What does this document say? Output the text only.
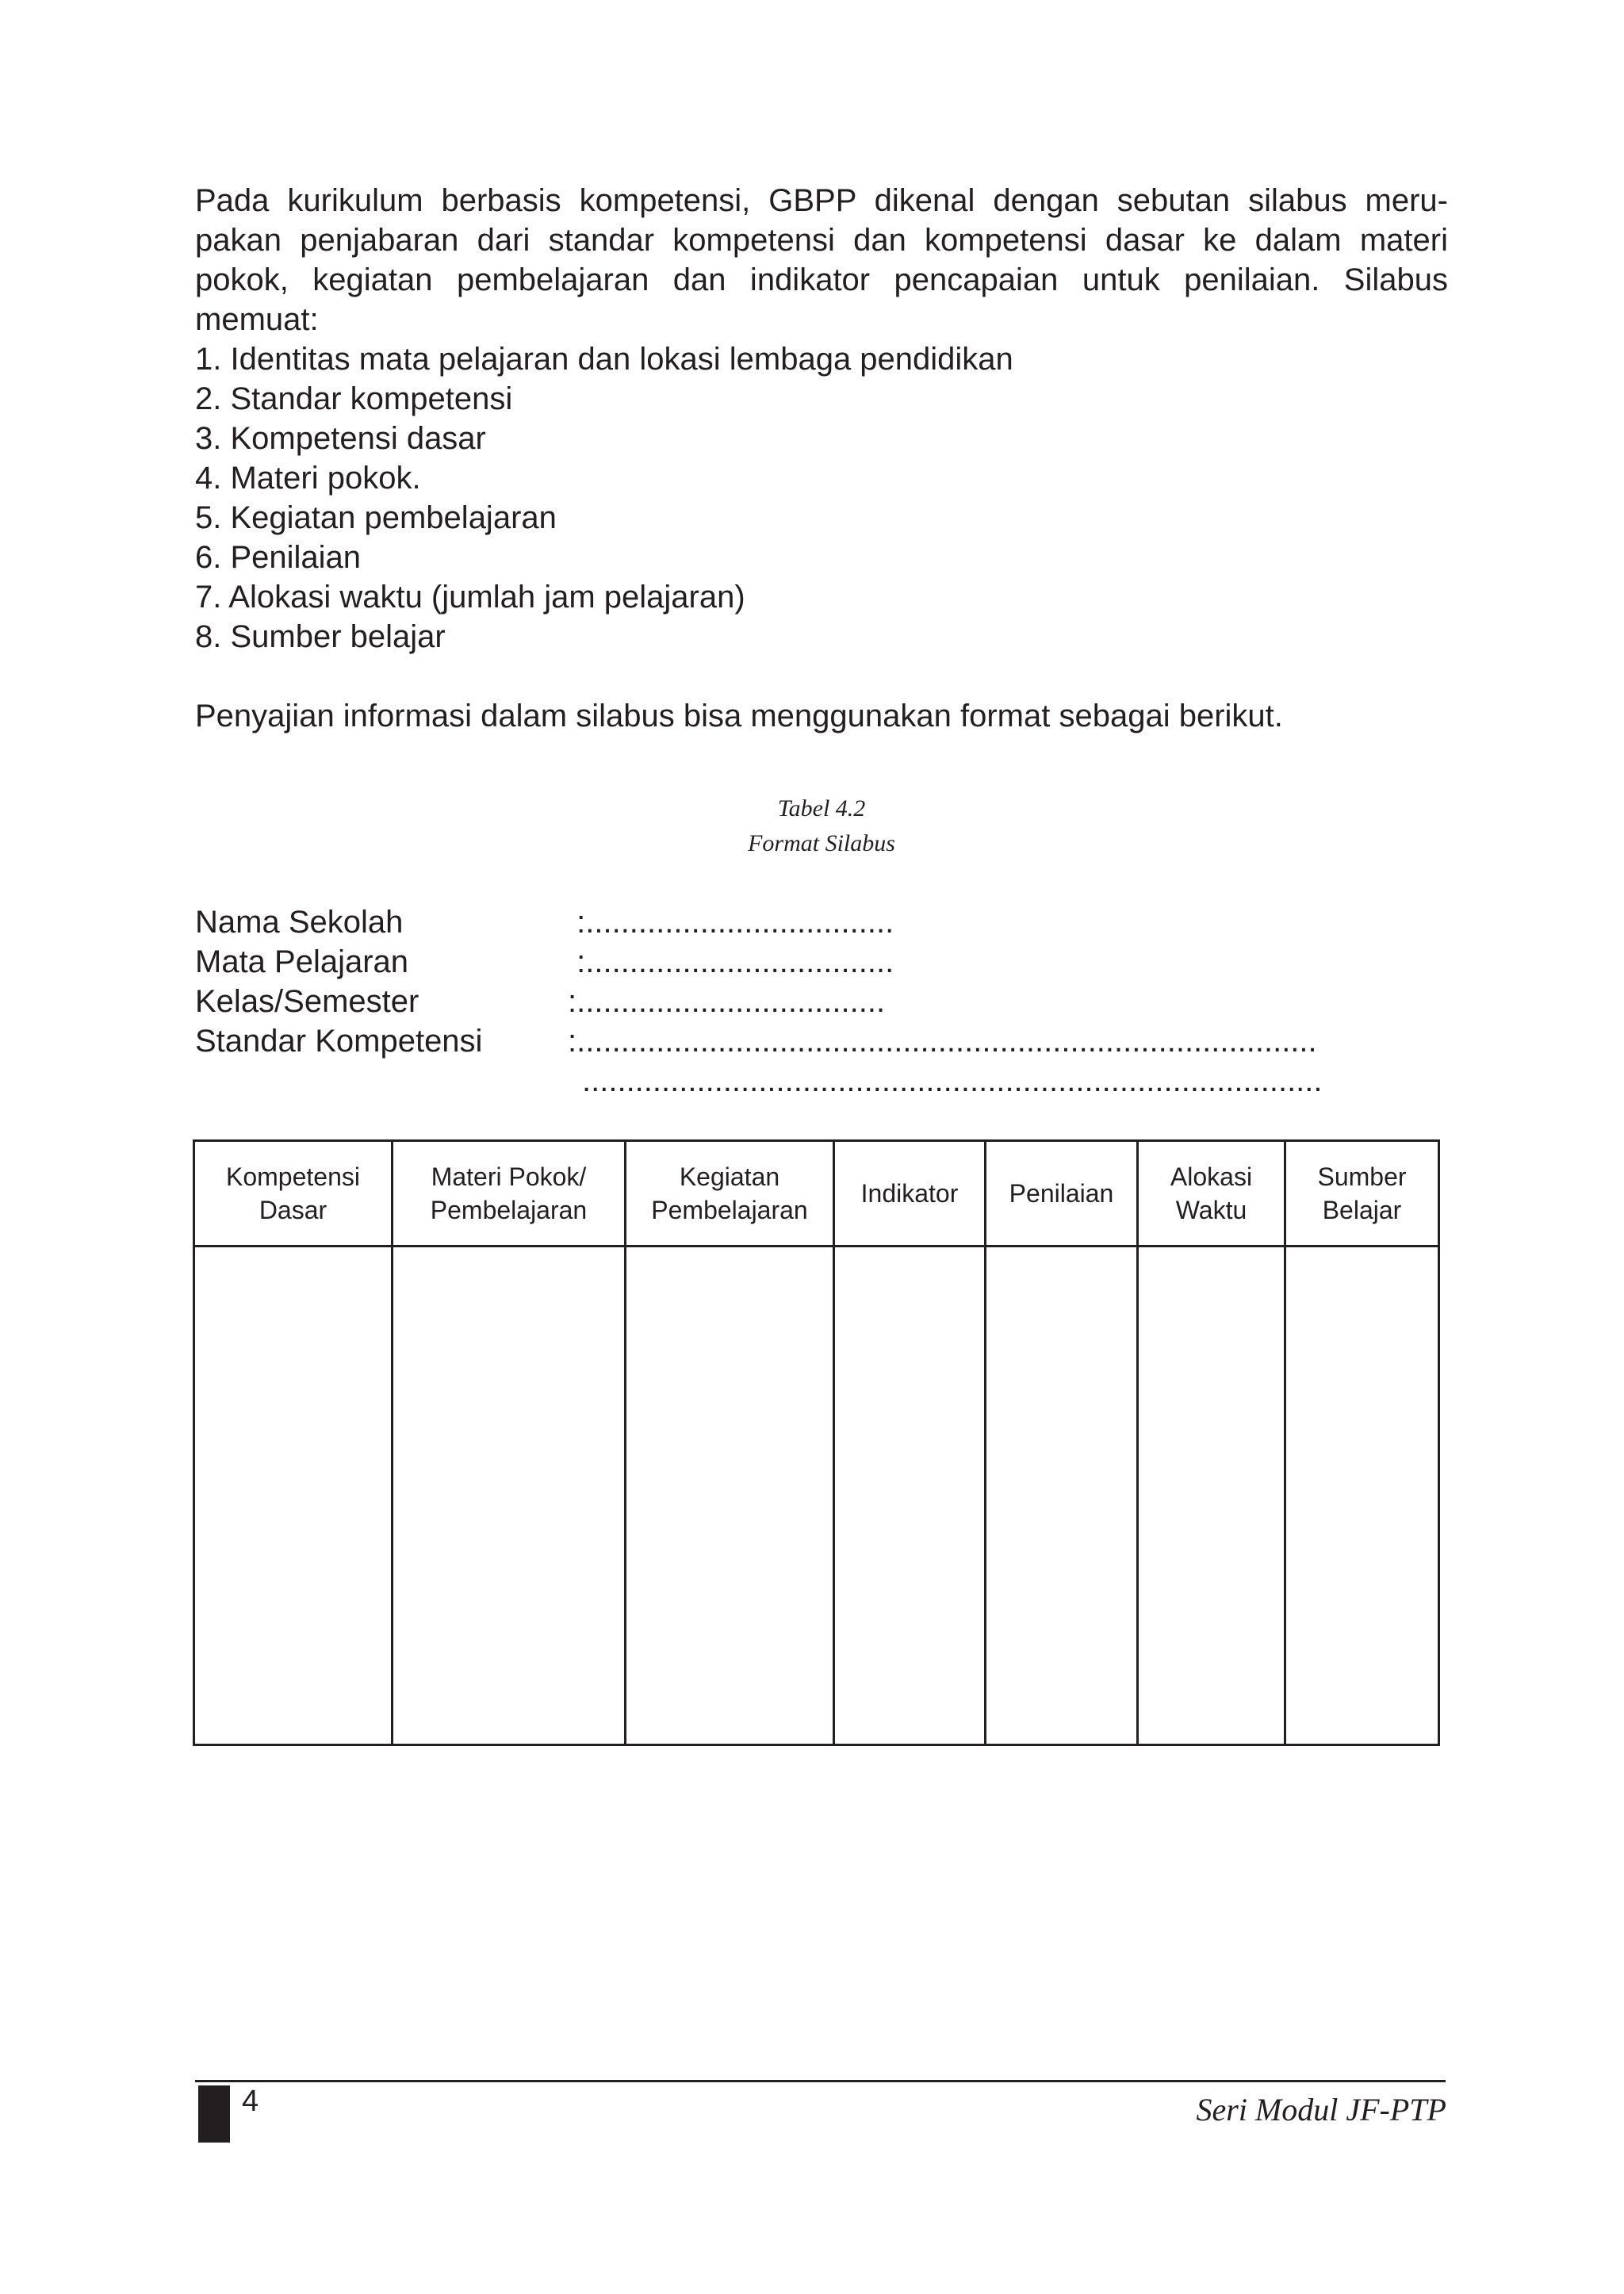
Pada kurikulum berbasis kompetensi, GBPP dikenal dengan sebutan silabus meru-pakan penjabaran dari standar kompetensi dan kompetensi dasar ke dalam materi pokok, kegiatan pembelajaran dan indikator pencapaian untuk penilaian. Silabus memuat:

1. Identitas mata pelajaran dan lokasi lembaga pendidikan
2. Standar kompetensi
3. Kompetensi dasar
4. Materi pokok.
5. Kegiatan pembelajaran
6. Penilaian
7. Alokasi waktu (jumlah jam pelajaran)
8. Sumber belajar

Penyajian informasi dalam silabus bisa menggunakan format sebagai berikut.

Tabel 4.2
Format Silabus
Nama Sekolah	: ...................................
Mata Pelajaran	: ...................................
Kelas/Semester	: ...................................
Standar Kompetensi	: ....................................................................................
....................................................................................
Kompetensi Dasar	Materi Pokok/ Pembelajaran	Kegiatan Pembelajaran	Indikator	Penilaian	Alokasi Waktu	Sumber Belajar

4	Seri Modul JF-PTP
